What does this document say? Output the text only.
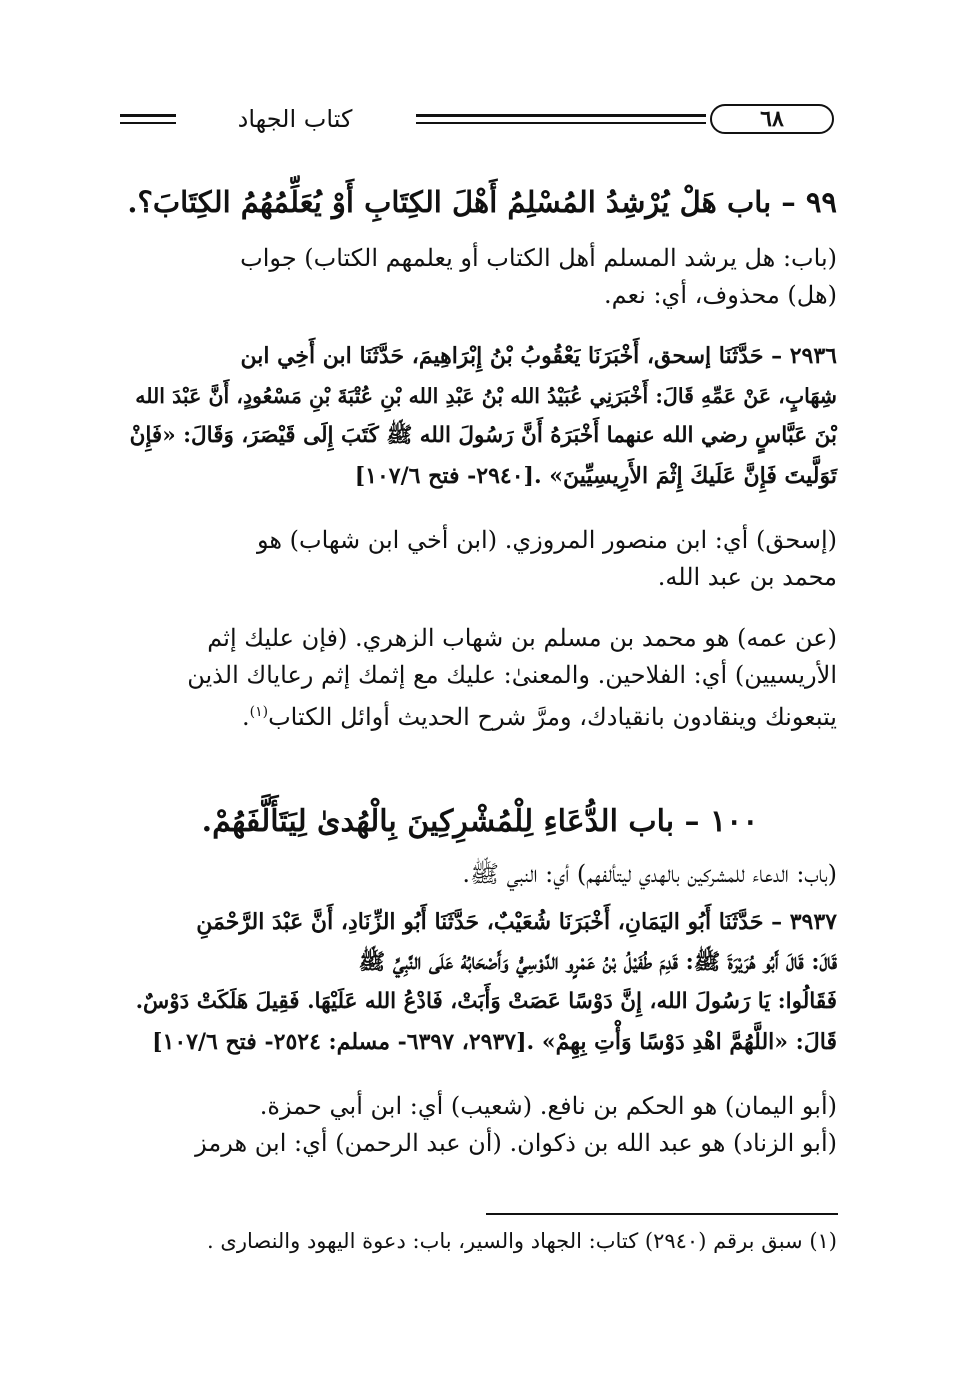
كتاب الجهاد	٦٨
٩٩ – باب هَلْ يُرْشِدُ المُسْلِمُ أَهْلَ الكِتَابِ أَوْ يُعَلِّمُهُمُ الكِتَابَ؟.
(باب: هل يرشد المسلم أهل الكتاب أو يعلمهم الكتاب) جواب
(هل) محذوف، أي: نعم.
٢٩٣٦ – حَدَّثَنَا إسحق، أَخْبَرَنَا يَعْقُوبُ بْنُ إِبْرَاهِيمَ، حَدَّثَنَا ابن أَخِي ابن
شِهَابٍ، عَنْ عَمِّهِ قَالَ: أَخْبَرَنِي عُبَيْدُ الله بْنُ عَبْدِ الله بْنِ عُتْبَةَ بْنِ مَسْعُودٍ، أَنَّ عَبْدَ الله
بْنَ عَبَّاسٍ رضي الله عنهما أَخْبَرَهُ أَنَّ رَسُولَ الله ﷺ كَتَبَ إِلَى قَيْصَرَ، وَقَالَ: «فَإِنْ
تَوَلَّيتَ فَإِنَّ عَلَيكَ إِثْمَ الأَرِيسِيِّينَ» .[٢٩٤٠- فتح ١٠٧/٦]
(إسحق) أي: ابن منصور المروزي. (ابن أخي ابن شهاب) هو
محمد بن عبد الله.
(عن عمه) هو محمد بن مسلم بن شهاب الزهري. (فإن عليك إثم
الأريسيين) أي: الفلاحين. والمعنىٰ: عليك مع إثمك إثم رعاياك الذين
يتبعونك وينقادون بانقيادك، ومرَّ شرح الحديث أوائل الكتاب$^{(١)}$.
١٠٠ – باب الدُّعَاءِ لِلْمُشْرِكِينَ بِالْهُدىٰ لِيَتَأَلَّفَهُمْ.
(باب: الدعاء للمشركين بالهدي ليتألفهم) أي: النبي ﷺ.
٣٩٣٧ – حَدَّثَنَا أَبُو اليَمَانِ، أَخْبَرَنَا شُعَيْبٌ، حَدَّثَنَا أَبُو الزِّنَادِ، أَنَّ عَبْدَ الرَّحْمَنِ
قَالَ: قَالَ أَبُو هُرَيْرَةَ ﷺ: قَدِمَ طُفَيْلُ بْنُ عَمْرٍو الدَّوْسِيُّ وَأَصْحَابُهُ عَلَى النَّبِيِّ ﷺ
فَقَالُوا: يَا رَسُولَ الله، إِنَّ دَوْسًا عَصَتْ وَأَبَتْ، فَادْعُ الله عَلَيْهَا. فَقِيلَ هَلَكَتْ دَوْسٌ.
قَالَ: «اللَّهُمَّ اهْدِ دَوْسًا وَأْتِ بِهِمْ» .[٢٩٣٧، ٦٣٩٧- مسلم: ٢٥٢٤- فتح ١٠٧/٦]
(أبو اليمان) هو الحكم بن نافع. (شعيب) أي: ابن أبي حمزة.
(أبو الزناد) هو عبد الله بن ذكوان. (أن عبد الرحمن) أي: ابن هرمز
(١) سبق برقم (٢٩٤٠) كتاب: الجهاد والسير، باب: دعوة اليهود والنصارى .
